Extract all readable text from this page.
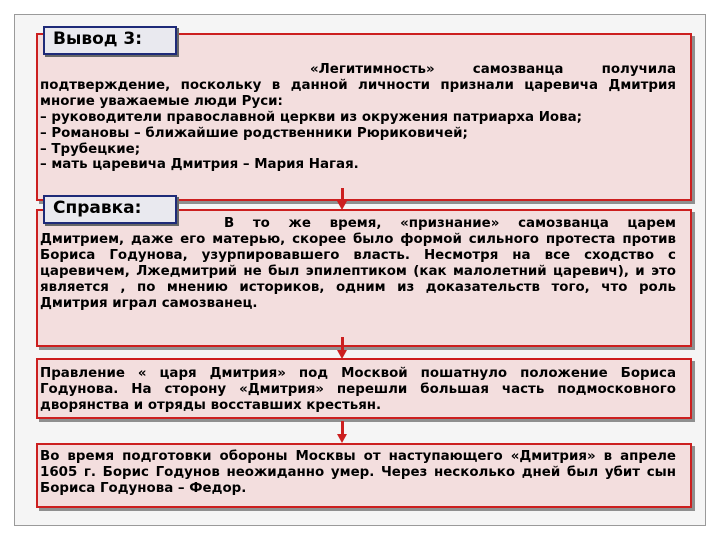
«Легитимность» самозванца получила подтверждение, поскольку в данной личности признали царевича Дмитрия многие уважаемые люди Руси:

– руководители православной церкви из окружения патриарха Иова;

– Романовы – ближайшие родственники Рюриковичей;

– Трубецкие;

– мать царевича Дмитрия – Мария Нагая.

Вывод 3:

В то же время, «признание» самозванца царем Дмитрием, даже его матерью, скорее было формой сильного протеста против Бориса Годунова, узурпировавшего власть. Несмотря на все сходство с царевичем, Лжедмитрий не был эпилептиком (как малолетний царевич), и это является , по мнению историков, одним из доказательств того, что роль Дмитрия играл самозванец.

Справка:

Правление « царя Дмитрия» под Москвой пошатнуло положение Бориса Годунова. На сторону «Дмитрия» перешли большая часть подмосковного дворянства и отряды восставших крестьян.

Во время подготовки обороны Москвы от наступающего «Дмитрия» в апреле 1605 г. Борис Годунов неожиданно умер. Через несколько дней был убит сын Бориса Годунова – Федор.
